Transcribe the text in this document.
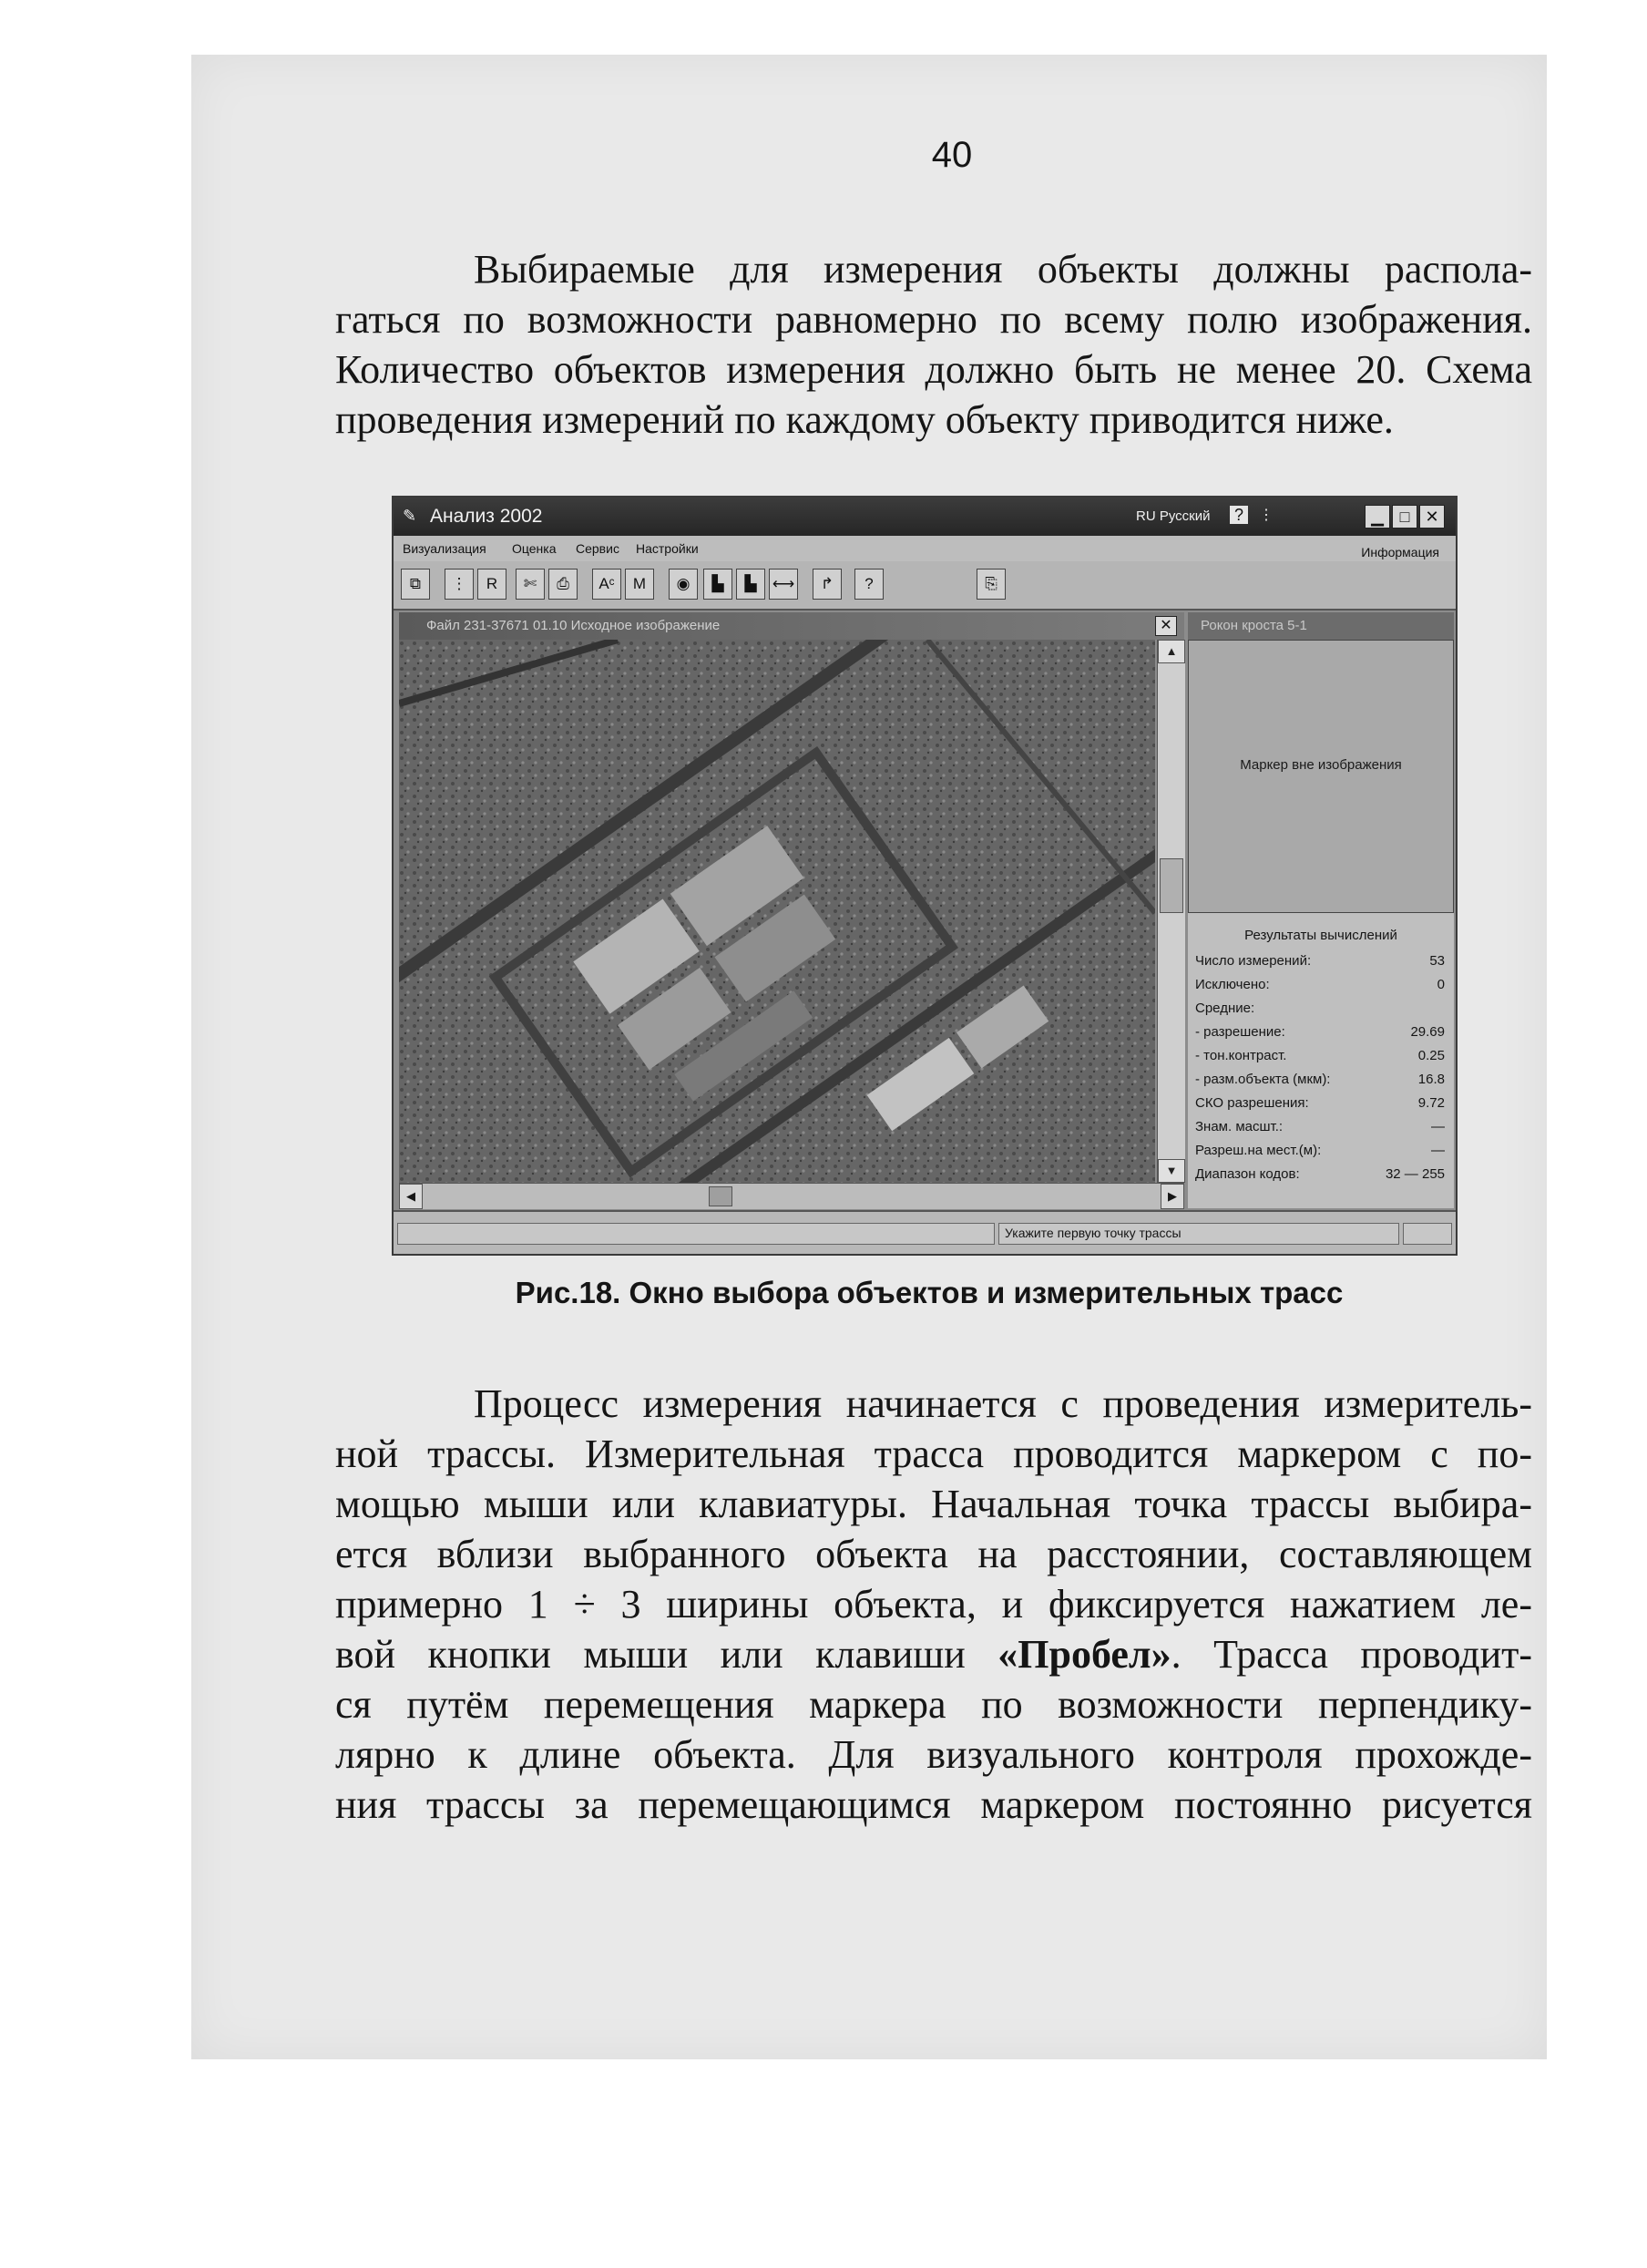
40

Выбираемые для измерения объекты должны распола-
гаться по возможности равномерно по всему полю изображения.
Количество объектов измерения должно быть не менее 20. Схема
проведения измерений по каждому объекту приводится ниже.

✎ Анализ 2002	RU Русский ?	⋮	▁ □ ✕
Визуализация Оценка Сервис Настройки	Информация
⧉	⋮	R	✄	⎙	Aᶜ	M	◉	▙	▙	⟷	↱	?	⎘
Файл 231-37671 01.10 Исходное изображение	✕
▲
▼
◀	▶
Рокон кроста 5-1
Маркер вне изображения
Результаты вычислений
Число измерений:	53
Исключено:	0
Средние:
- разрешение:	29.69
- тон.контраст.	0.25
- разм.объекта (мкм):	16.8
СКО разрешения:	9.72
Знам. масшт.:	—
Разреш.на мест.(м):	—
Диапазон кодов:	32 — 255
Укажите первую точку трассы
Рис.18. Окно выбора объектов и измерительных трасс

Процесс измерения начинается с проведения измеритель-
ной трассы. Измерительная трасса проводится маркером с по-
мощью мыши или клавиатуры. Начальная точка трассы выбира-
ется вблизи выбранного объекта на расстоянии, составляющем
примерно 1 ÷ 3 ширины объекта, и фиксируется нажатием ле-
вой кнопки мыши или клавиши «Пробел». Трасса проводит-
ся путём перемещения маркера по возможности перпендику-
лярно к длине объекта. Для визуального контроля прохожде-
ния трассы за перемещающимся маркером постоянно рисуется
